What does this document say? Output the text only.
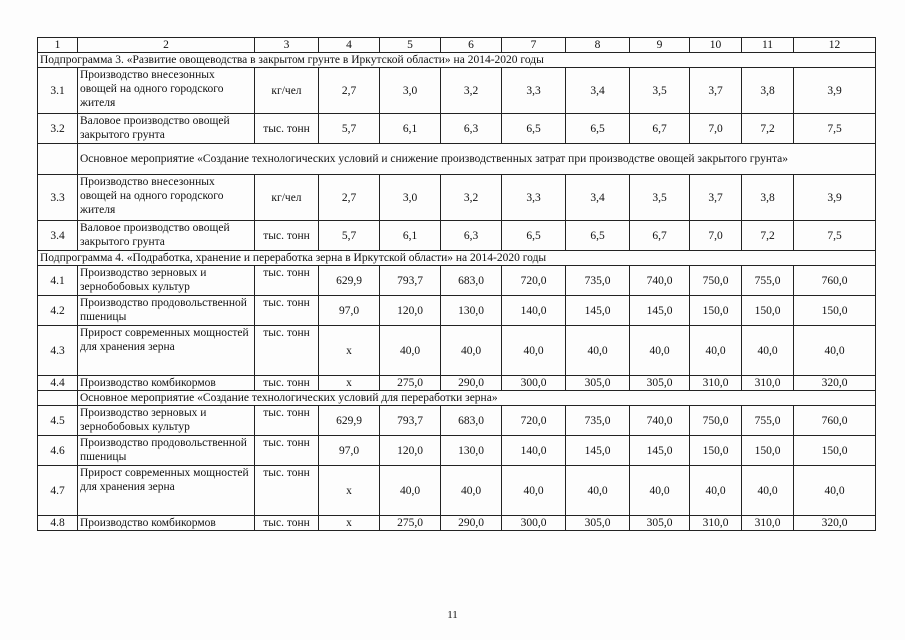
1	2	3	4	5	6	7	8	9	10	11	12
Подпрограмма 3. «Развитие овощеводства в закрытом грунте в Иркутской области» на 2014-2020 годы											
3.1	Производство внесезонных овощей на одного городского жителя	кг/чел	2,7	3,0	3,2	3,3	3,4	3,5	3,7	3,8	3,9
3.2	Валовое производство овощей закрытого грунта	тыс. тонн	5,7	6,1	6,3	6,5	6,5	6,7	7,0	7,2	7,5
	Основное мероприятие «Создание технологических условий и снижение производственных затрат при производстве овощей закрытого грунта»										
3.3	Производство внесезонных овощей на одного городского жителя	кг/чел	2,7	3,0	3,2	3,3	3,4	3,5	3,7	3,8	3,9
3.4	Валовое производство овощей закрытого грунта	тыс. тонн	5,7	6,1	6,3	6,5	6,5	6,7	7,0	7,2	7,5
Подпрограмма 4. «Подработка, хранение и переработка зерна в Иркутской области» на 2014-2020 годы											
4.1	Производство зерновых и зернобобовых культур	тыс. тонн	629,9	793,7	683,0	720,0	735,0	740,0	750,0	755,0	760,0
4.2	Производство продовольственной пшеницы	тыс. тонн	97,0	120,0	130,0	140,0	145,0	145,0	150,0	150,0	150,0
4.3	Прирост современных мощностей для хранения зерна	тыс. тонн	x	40,0	40,0	40,0	40,0	40,0	40,0	40,0	40,0
4.4	Производство комбикормов	тыс. тонн	x	275,0	290,0	300,0	305,0	305,0	310,0	310,0	320,0
	Основное мероприятие «Создание технологических условий для переработки зерна»										
4.5	Производство зерновых и зернобобовых культур	тыс. тонн	629,9	793,7	683,0	720,0	735,0	740,0	750,0	755,0	760,0
4.6	Производство продовольственной пшеницы	тыс. тонн	97,0	120,0	130,0	140,0	145,0	145,0	150,0	150,0	150,0
4.7	Прирост современных мощностей для хранения зерна	тыс. тонн	x	40,0	40,0	40,0	40,0	40,0	40,0	40,0	40,0
4.8	Производство комбикормов	тыс. тонн	x	275,0	290,0	300,0	305,0	305,0	310,0	310,0	320,0
11
